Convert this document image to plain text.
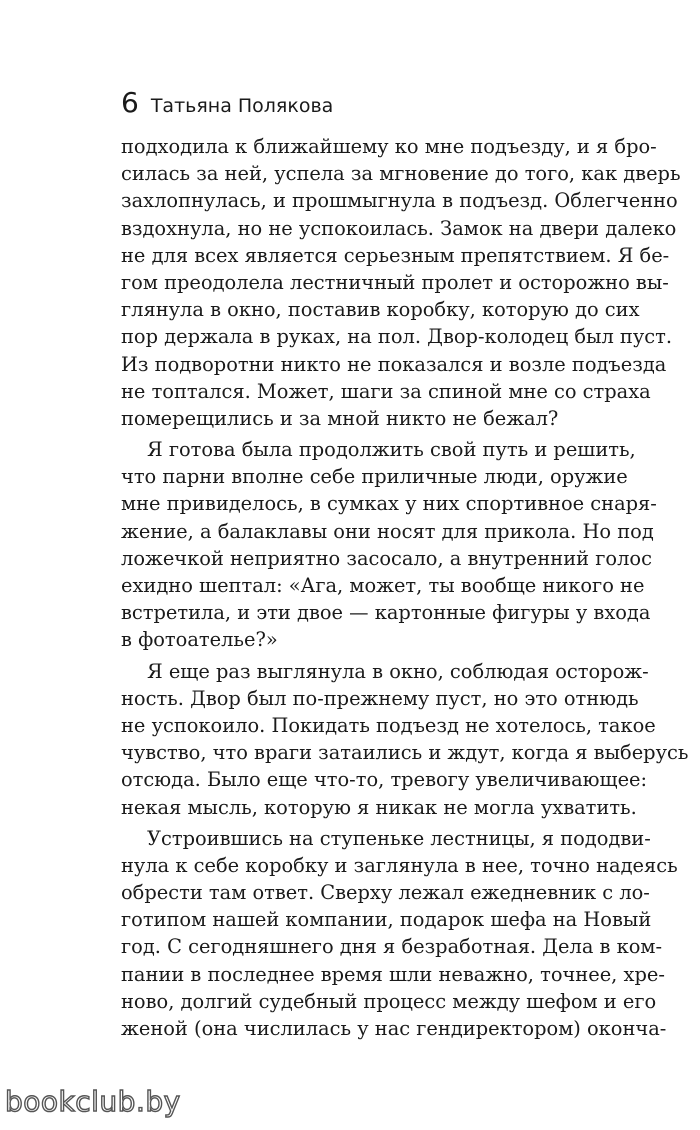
6 Татьяна Полякова
подходила к ближайшему ко мне подъезду, и я бро-
силась за ней, успела за мгновение до того, как дверь
захлопнулась, и прошмыгнула в подъезд. Облегченно
вздохнула, но не успокоилась. Замок на двери далеко
не для всех является серьезным препятствием. Я бе-
гом преодолела лестничный пролет и осторожно вы-
глянула в окно, поставив коробку, которую до сих
пор держала в руках, на пол. Двор-колодец был пуст.
Из подворотни никто не показался и возле подъезда
не топтался. Может, шаги за спиной мне со страха
померещились и за мной никто не бежал?
Я готова была продолжить свой путь и решить,
что парни вполне себе приличные люди, оружие
мне привиделось, в сумках у них спортивное снаря-
жение, а балаклавы они носят для прикола. Но под
ложечкой неприятно засосало, а внутренний голос
ехидно шептал: «Ага, может, ты вообще никого не
встретила, и эти двое — картонные фигуры у входа
в фотоателье?»
Я еще раз выглянула в окно, соблюдая осторож-
ность. Двор был по-прежнему пуст, но это отнюдь
не успокоило. Покидать подъезд не хотелось, такое
чувство, что враги затаились и ждут, когда я выберусь
отсюда. Было еще что-то, тревогу увеличивающее:
некая мысль, которую я никак не могла ухватить.
Устроившись на ступеньке лестницы, я пододви-
нула к себе коробку и заглянула в нее, точно надеясь
обрести там ответ. Сверху лежал ежедневник с ло-
готипом нашей компании, подарок шефа на Новый
год. С сегодняшнего дня я безработная. Дела в ком-
пании в последнее время шли неважно, точнее, хре-
ново, долгий судебный процесс между шефом и его
женой (она числилась у нас гендиректором) оконча-
bookclub.by
